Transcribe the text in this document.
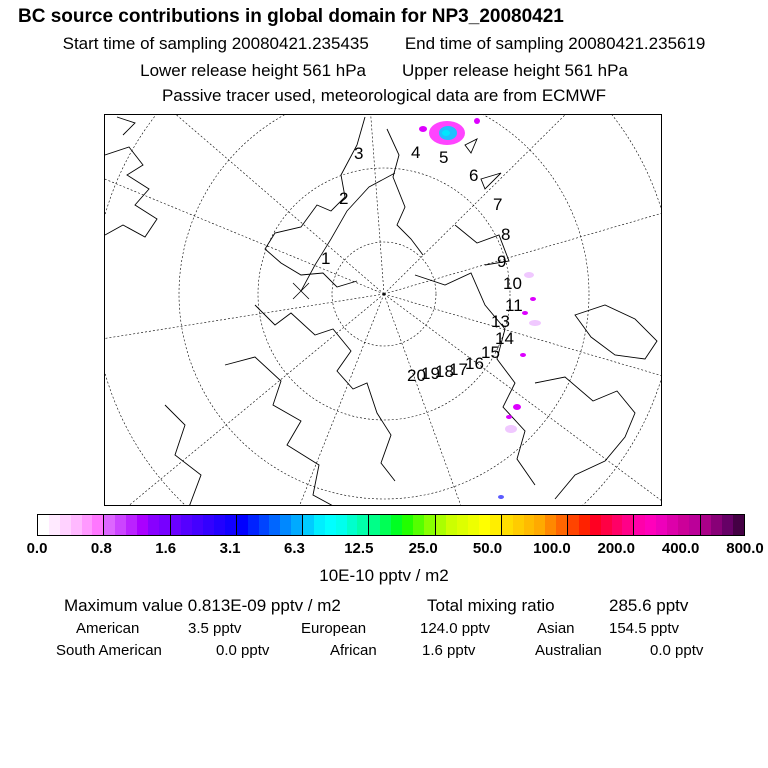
BC source contributions in global domain for NP3_20080421
Start time of sampling 20080421.235435 End time of sampling 20080421.235619
Lower release height 561 hPa Upper release height 561 hPa
Passive tracer used, meteorological data are from ECMWF
1
2
3	4 5
6
7
8
9
10
11
13
14
15
16
17
18
19
20
0.0	0.8	1.6	3.1	6.3	12.5 25.0 50.0 100.0 200.0 400.0 800.0
10E-10 pptv / m2
Maximum value 0.813E-09 pptv / m2	Total mixing ratio	285.6 pptv
American	3.5 pptv	European	124.0 pptv	Asian 154.5 pptv
South American	0.0 pptv	African	1.6 pptv	Australian	0.0 pptv
